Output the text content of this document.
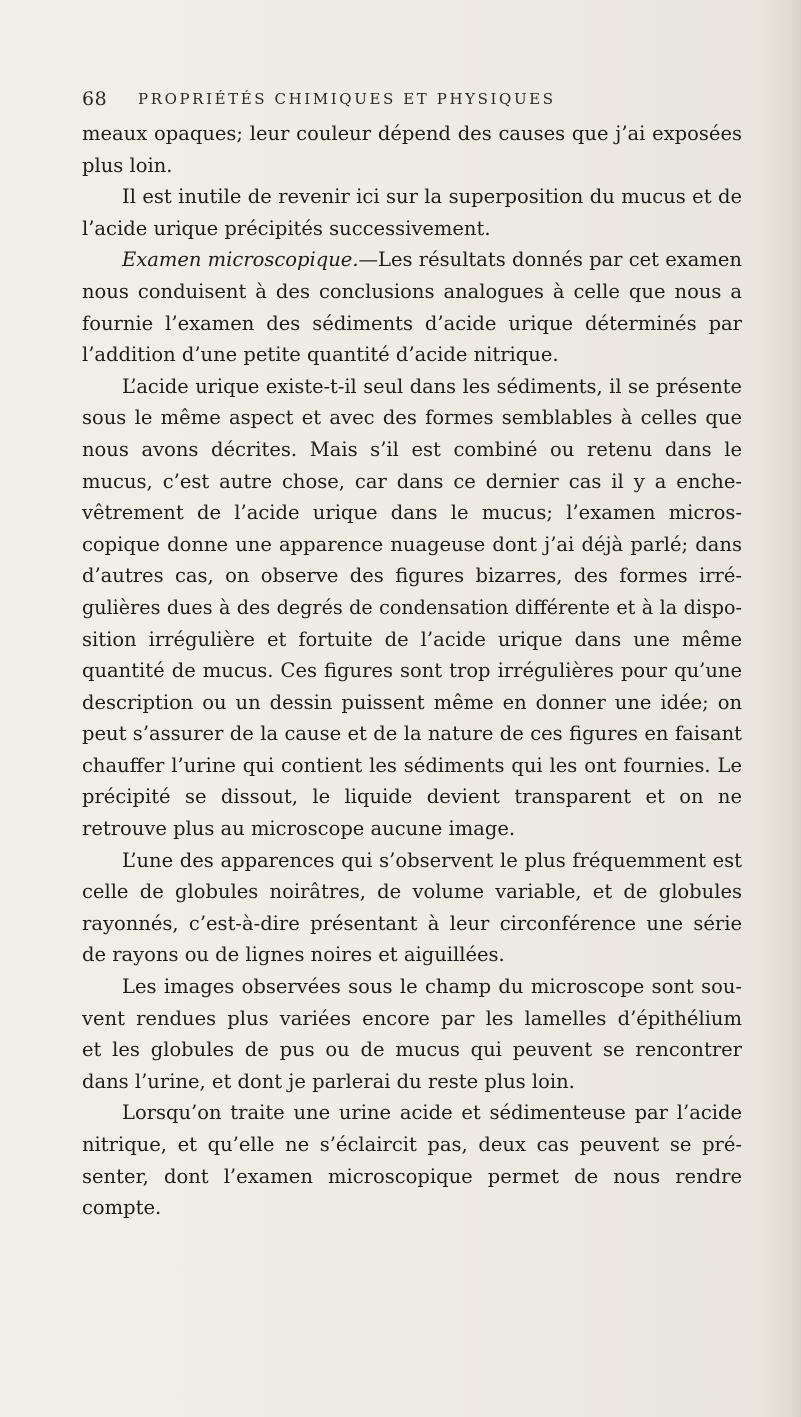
68 PROPRIÉTÉS CHIMIQUES ET PHYSIQUES
meaux opaques; leur couleur dépend des causes que j’ai exposées
plus loin.
Il est inutile de revenir ici sur la superposition du mucus et de
l’acide urique précipités successivement.
Examen microscopique.—Les résultats donnés par cet examen
nous conduisent à des conclusions analogues à celle que nous a
fournie l’examen des sédiments d’acide urique déterminés par
l’addition d’une petite quantité d’acide nitrique.
L’acide urique existe-t-il seul dans les sédiments, il se présente
sous le même aspect et avec des formes semblables à celles que
nous avons décrites. Mais s’il est combiné ou retenu dans le
mucus, c’est autre chose, car dans ce dernier cas il y a enche-
vêtrement de l’acide urique dans le mucus; l’examen micros-
copique donne une apparence nuageuse dont j’ai déjà parlé; dans
d’autres cas, on observe des figures bizarres, des formes irré-
gulières dues à des degrés de condensation différente et à la dispo-
sition irrégulière et fortuite de l’acide urique dans une même
quantité de mucus. Ces figures sont trop irrégulières pour qu’une
description ou un dessin puissent même en donner une idée; on
peut s’assurer de la cause et de la nature de ces figures en faisant
chauffer l’urine qui contient les sédiments qui les ont fournies. Le
précipité se dissout, le liquide devient transparent et on ne
retrouve plus au microscope aucune image.
L’une des apparences qui s’observent le plus fréquemment est
celle de globules noirâtres, de volume variable, et de globules
rayonnés, c’est-à-dire présentant à leur circonférence une série
de rayons ou de lignes noires et aiguillées.
Les images observées sous le champ du microscope sont sou-
vent rendues plus variées encore par les lamelles d’épithélium
et les globules de pus ou de mucus qui peuvent se rencontrer
dans l’urine, et dont je parlerai du reste plus loin.
Lorsqu’on traite une urine acide et sédimenteuse par l’acide
nitrique, et qu’elle ne s’éclaircit pas, deux cas peuvent se pré-
senter, dont l’examen microscopique permet de nous rendre
compte.
